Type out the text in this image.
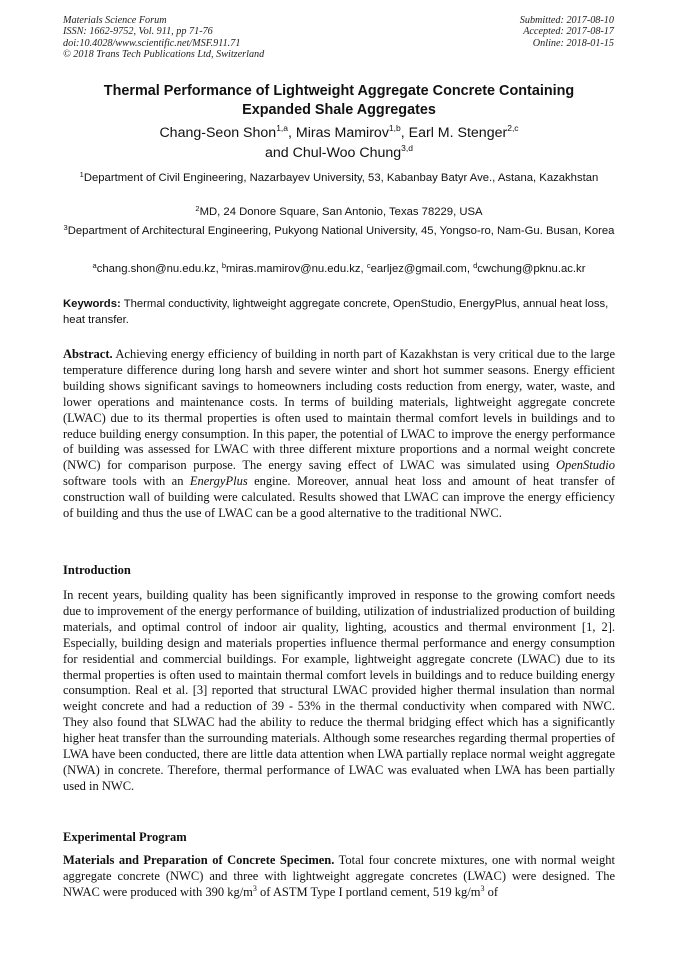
Materials Science Forum
ISSN: 1662-9752, Vol. 911, pp 71-76
doi:10.4028/www.scientific.net/MSF.911.71
© 2018 Trans Tech Publications Ltd, Switzerland
Submitted: 2017-08-10
Accepted: 2017-08-17
Online: 2018-01-15
Thermal Performance of Lightweight Aggregate Concrete Containing
Expanded Shale Aggregates
Chang-Seon Shon$^{1,a}$, Miras Mamirov$^{1,b}$, Earl M. Stenger$^{2,c}$
and Chul-Woo Chung$^{3,d}$
$^1$Department of Civil Engineering, Nazarbayev University, 53, Kabanbay Batyr Ave., Astana, Kazakhstan
$^2$MD, 24 Donore Square, San Antonio, Texas 78229, USA
$^3$Department of Architectural Engineering, Pukyong National University, 45, Yongso-ro, Nam-Gu. Busan, Korea
$^a$chang.shon@nu.edu.kz, $^b$miras.mamirov@nu.edu.kz, $^c$earljez@gmail.com, $^d$cwchung@pknu.ac.kr
Keywords: Thermal conductivity, lightweight aggregate concrete, OpenStudio, EnergyPlus, annual heat loss, heat transfer.
Abstract. Achieving energy efficiency of building in north part of Kazakhstan is very critical due to the large temperature difference during long harsh and severe winter and short hot summer seasons. Energy efficient building shows significant savings to homeowners including costs reduction from energy, water, waste, and lower operations and maintenance costs. In terms of building materials, lightweight aggregate concrete (LWAC) due to its thermal properties is often used to maintain thermal comfort levels in buildings and to reduce building energy consumption. In this paper, the potential of LWAC to improve the energy performance of building was assessed for LWAC with three different mixture proportions and a normal weight concrete (NWC) for comparison purpose. The energy saving effect of LWAC was simulated using OpenStudio software tools with an EnergyPlus engine. Moreover, annual heat loss and amount of heat transfer of construction wall of building were calculated. Results showed that LWAC can improve the energy efficiency of building and thus the use of LWAC can be a good alternative to the traditional NWC.
Introduction
In recent years, building quality has been significantly improved in response to the growing comfort needs due to improvement of the energy performance of building, utilization of industrialized production of building materials, and optimal control of indoor air quality, lighting, acoustics and thermal environment [1, 2]. Especially, building design and materials properties influence thermal performance and energy consumption for residential and commercial buildings. For example, lightweight aggregate concrete (LWAC) due to its thermal properties is often used to maintain thermal comfort levels in buildings and to reduce building energy consumption. Real et al. [3] reported that structural LWAC provided higher thermal insulation than normal weight concrete and had a reduction of 39 - 53% in the thermal conductivity when compared with NWC. They also found that SLWAC had the ability to reduce the thermal bridging effect which has a significantly higher heat transfer than the surrounding materials. Although some researches regarding thermal properties of LWA have been conducted, there are little data attention when LWA partially replace normal weight aggregate (NWA) in concrete. Therefore, thermal performance of LWAC was evaluated when LWA has been partially used in NWC.
Experimental Program
Materials and Preparation of Concrete Specimen. Total four concrete mixtures, one with normal weight aggregate concrete (NWC) and three with lightweight aggregate concretes (LWAC) were designed. The NWAC were produced with 390 $kg/m^3$ of ASTM Type I portland cement, 519 $kg/m^3$ of
